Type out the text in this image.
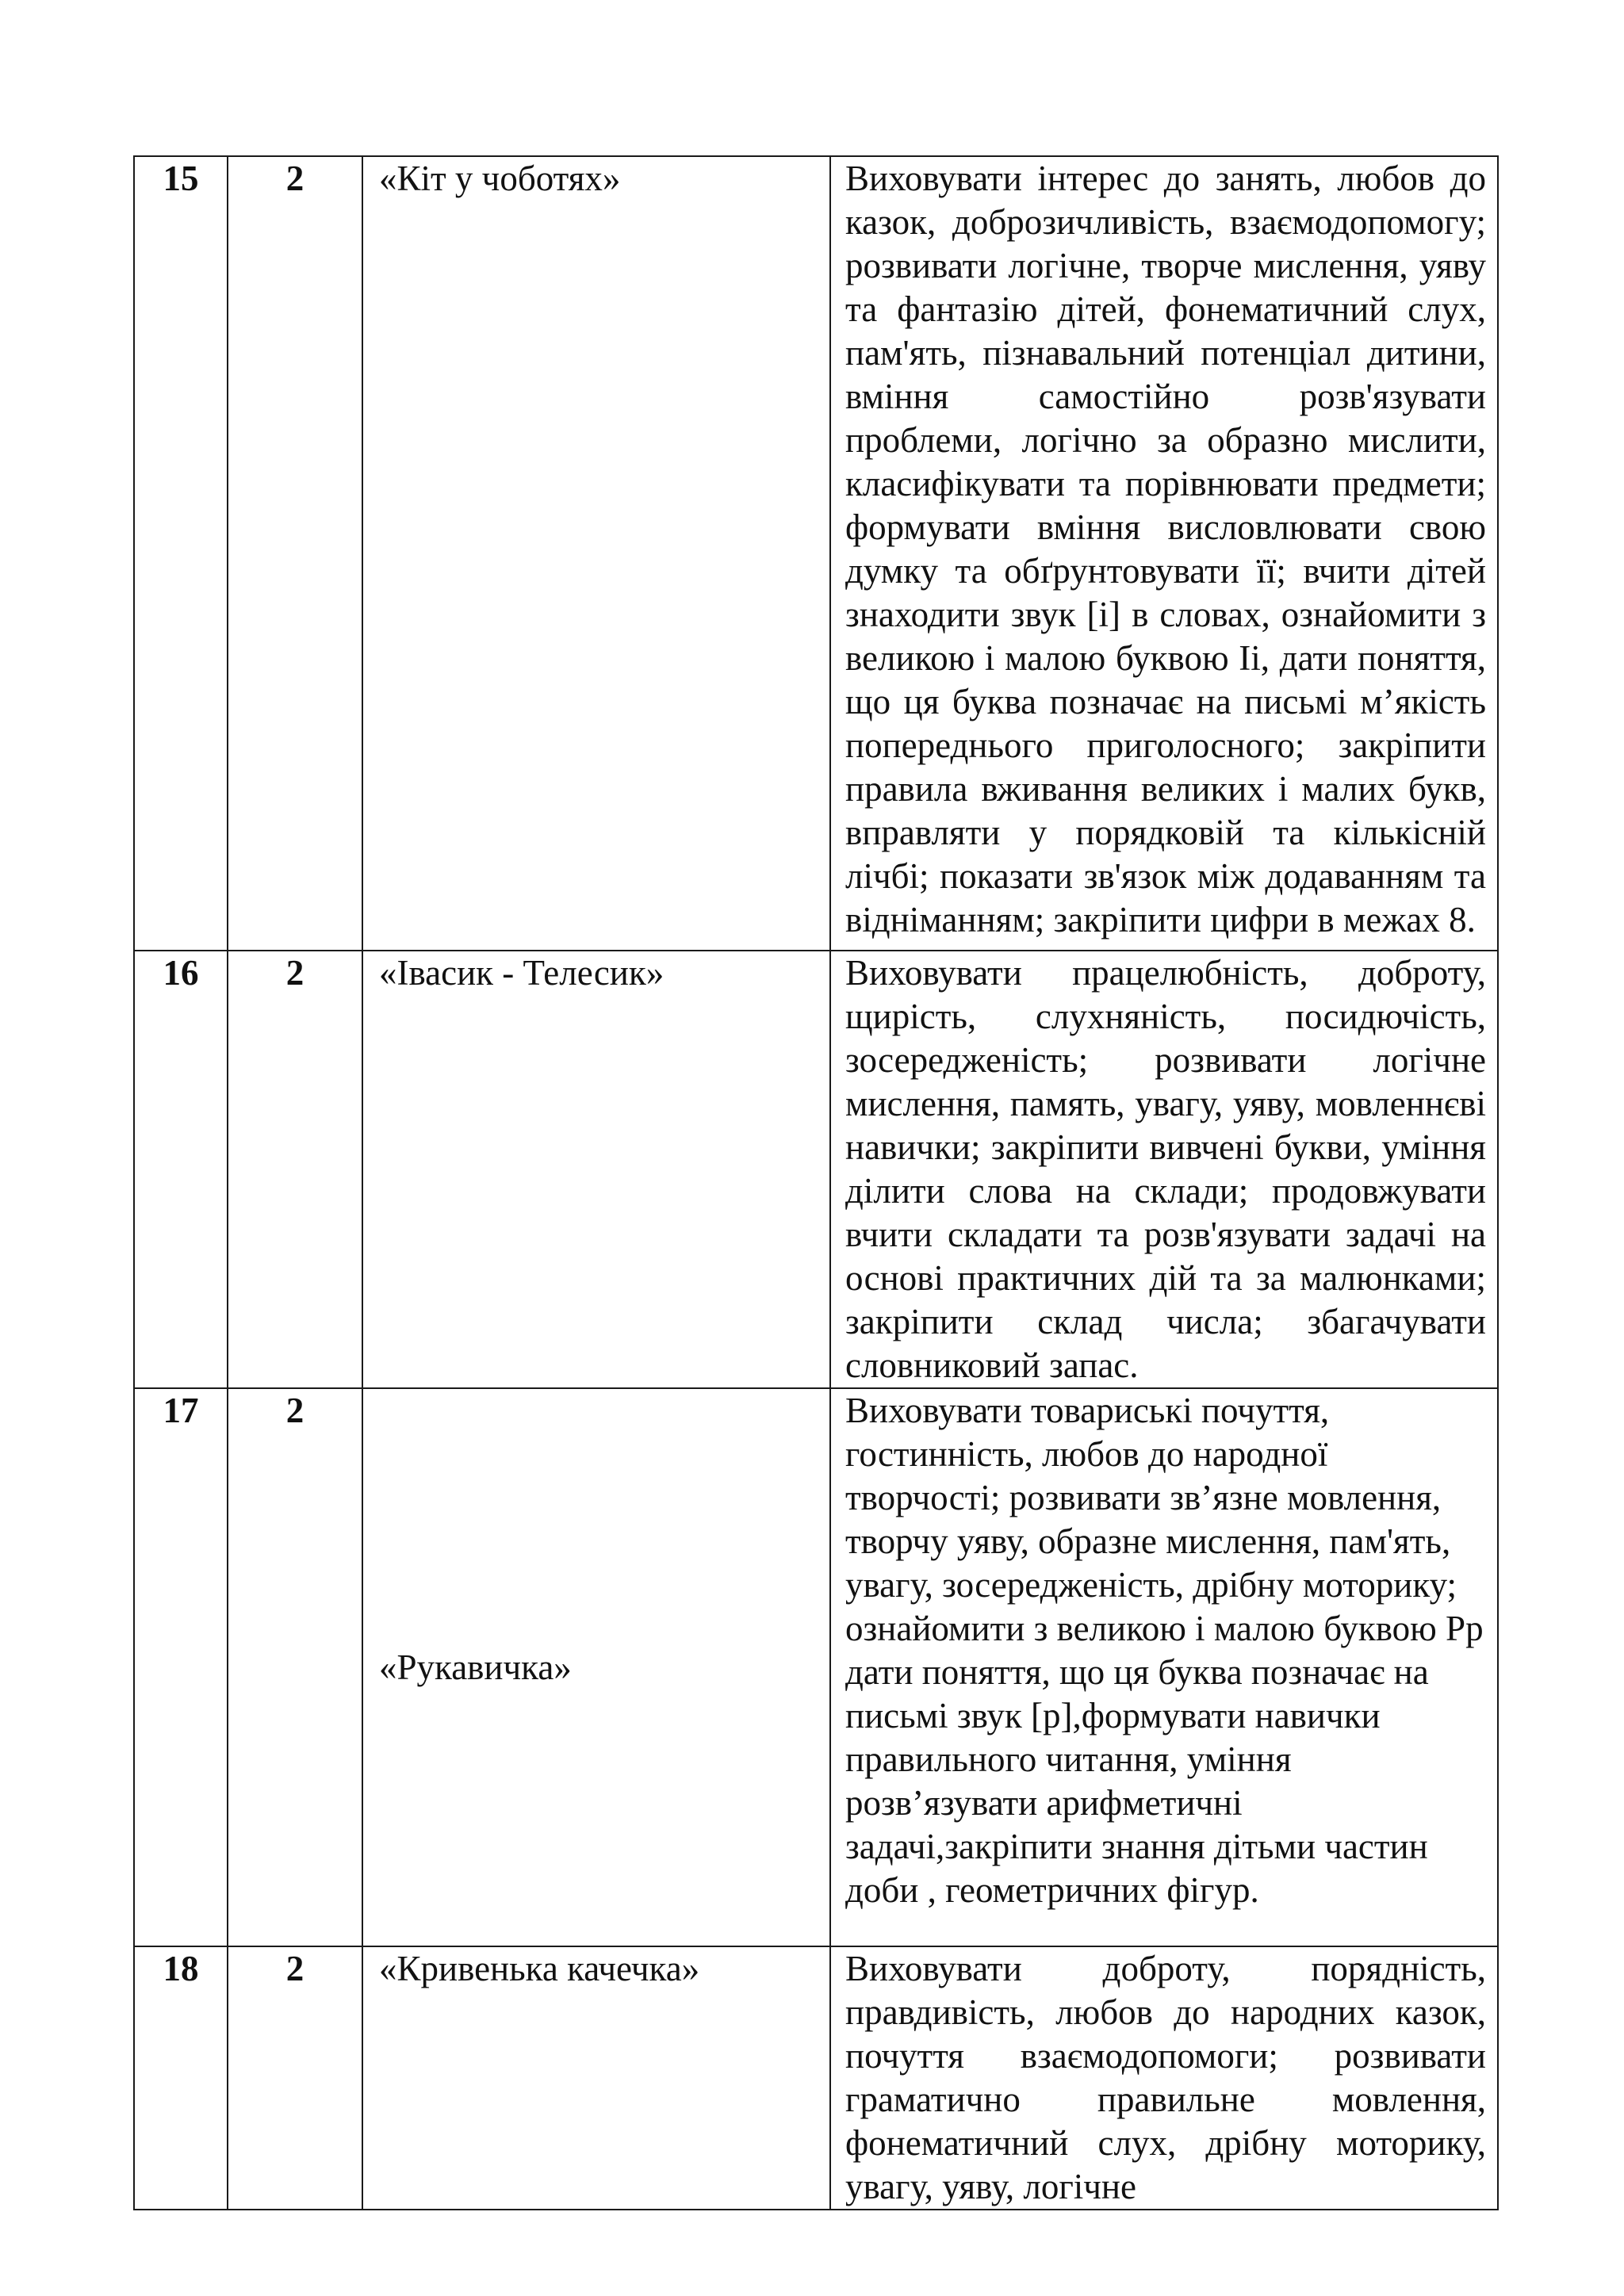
15	2	«Кіт у чоботях»	Виховувати інтерес до занять, любов до казок, доброзичливість, взаємодопомогу; розвивати логічне, творче мислення, уяву та фантазію дітей, фонематичний слух, пам'ять, пізнавальний потенціал дитини, вміння самостійно розв'язувати проблеми, логічно за образно мислити, класифікувати та порівнювати предмети; формувати вміння висловлювати свою думку та обґрунтовувати її; вчити дітей знаходити звук [і] в словах, ознайомити з великою і малою буквою Іі, дати поняття, що ця буква позначає на письмі м’якість попереднього приголосного; закріпити правила вживання великих і малих букв, вправляти у порядковій та кількісній лічбі; показати зв'язок між додаванням та відніманням; закріпити цифри в межах 8.
16	2	«Івасик - Телесик»	Виховувати працелюбність, доброту, щирість, слухняність, посидючість, зосередженість; розвивати логічне мислення, память, увагу, уяву, мовленнєві навички; закріпити вивчені букви, уміння ділити слова на склади; продовжувати вчити складати та розв'язувати задачі на основі практичних дій та за малюнками; закріпити склад числа; збагачувати словниковий запас.
17	2	«Рукавичка»	Виховувати товариські почуття, гостинність, любов до народної творчості; розвивати зв’язне мовлення, творчу уяву, образне мислення, пам'ять, увагу, зосередженість, дрібну моторику; ознайомити з великою і малою буквою Рр дати поняття, що ця буква позначає на письмі звук [р],формувати навички правильного читання, уміння розв’язувати арифметичні задачі,закріпити знання дітьми частин доби , геометричних фігур.
18	2	«Кривенька качечка»	Виховувати доброту, порядність, правдивість, любов до народних казок, почуття взаємодопомоги; розвивати граматично правильне мовлення, фонематичний слух, дрібну моторику, увагу, уяву, логічне
